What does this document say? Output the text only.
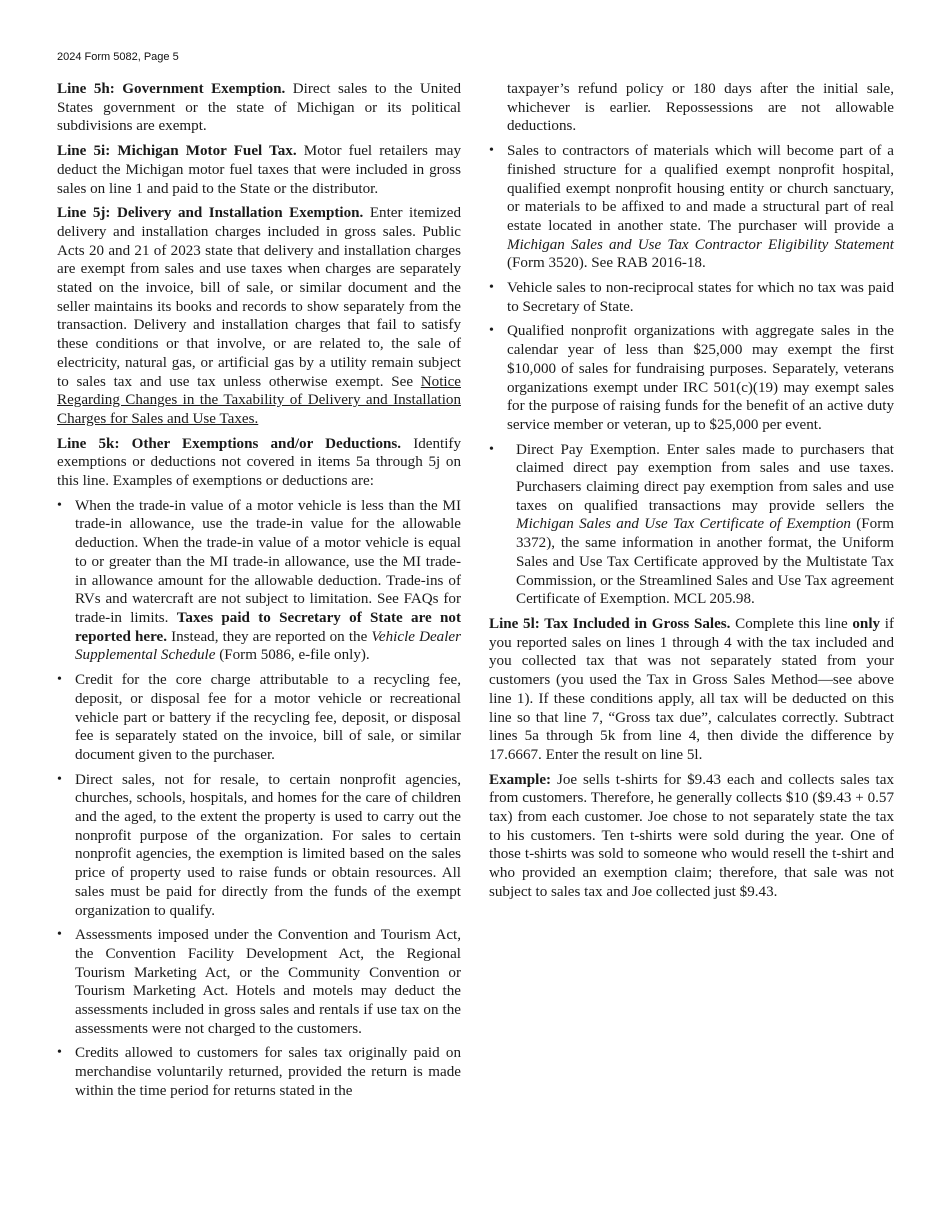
2024 Form 5082, Page 5

Line 5h: Government Exemption. Direct sales to the United States government or the state of Michigan or its political subdivisions are exempt.

Line 5i: Michigan Motor Fuel Tax. Motor fuel retailers may deduct the Michigan motor fuel taxes that were included in gross sales on line 1 and paid to the State or the distributor.

Line 5j: Delivery and Installation Exemption. Enter itemized delivery and installation charges included in gross sales. Public Acts 20 and 21 of 2023 state that delivery and installation charges are exempt from sales and use taxes when charges are separately stated on the invoice, bill of sale, or similar document and the seller maintains its books and records to show separately from the transaction. Delivery and installation charges that fail to satisfy these conditions or that involve, or are related to, the sale of electricity, natural gas, or artificial gas by a utility remain subject to sales tax and use tax unless otherwise exempt. See Notice Regarding Changes in the Taxability of Delivery and Installation Charges for Sales and Use Taxes.

Line 5k: Other Exemptions and/or Deductions. Identify exemptions or deductions not covered in items 5a through 5j on this line. Examples of exemptions or deductions are:

• When the trade-in value of a motor vehicle is less than the MI trade-in allowance, use the trade-in value for the allowable deduction. When the trade-in value of a motor vehicle is equal to or greater than the MI trade-in allowance, use the MI trade-in allowance amount for the allowable deduction. Trade-ins of RVs and watercraft are not subject to limitation. See FAQs for trade-in limits. Taxes paid to Secretary of State are not reported here. Instead, they are reported on the Vehicle Dealer Supplemental Schedule (Form 5086, e-file only).
• Credit for the core charge attributable to a recycling fee, deposit, or disposal fee for a motor vehicle or recreational vehicle part or battery if the recycling fee, deposit, or disposal fee is separately stated on the invoice, bill of sale, or similar document given to the purchaser.
• Direct sales, not for resale, to certain nonprofit agencies, churches, schools, hospitals, and homes for the care of children and the aged, to the extent the property is used to carry out the nonprofit purpose of the organization. For sales to certain nonprofit agencies, the exemption is limited based on the sales price of property used to raise funds or obtain resources. All sales must be paid for directly from the funds of the exempt organization to qualify.
• Assessments imposed under the Convention and Tourism Act, the Convention Facility Development Act, the Regional Tourism Marketing Act, or the Community Convention or Tourism Marketing Act. Hotels and motels may deduct the assessments included in gross sales and rentals if use tax on the assessments were not charged to the customers.
• Credits allowed to customers for sales tax originally paid on merchandise voluntarily returned, provided the return is made within the time period for returns stated in the
taxpayer’s refund policy or 180 days after the initial sale, whichever is earlier. Repossessions are not allowable deductions.
• Sales to contractors of materials which will become part of a finished structure for a qualified exempt nonprofit hospital, qualified exempt nonprofit housing entity or church sanctuary, or materials to be affixed to and made a structural part of real estate located in another state. The purchaser will provide a Michigan Sales and Use Tax Contractor Eligibility Statement (Form 3520). See RAB 2016-18.
• Vehicle sales to non-reciprocal states for which no tax was paid to Secretary of State.
• Qualified nonprofit organizations with aggregate sales in the calendar year of less than $25,000 may exempt the first $10,000 of sales for fundraising purposes. Separately, veterans organizations exempt under IRC 501(c)(19) may exempt sales for the purpose of raising funds for the benefit of an active duty service member or veteran, up to $25,000 per event.
• Direct Pay Exemption. Enter sales made to purchasers that claimed direct pay exemption from sales and use taxes. Purchasers claiming direct pay exemption from sales and use taxes on qualified transactions may provide sellers the Michigan Sales and Use Tax Certificate of Exemption (Form 3372), the same information in another format, the Uniform Sales and Use Tax Certificate approved by the Multistate Tax Commission, or the Streamlined Sales and Use Tax agreement Certificate of Exemption. MCL 205.98.

Line 5l: Tax Included in Gross Sales. Complete this line only if you reported sales on lines 1 through 4 with the tax included and you collected tax that was not separately stated from your customers (you used the Tax in Gross Sales Method—see above line 1). If these conditions apply, all tax will be deducted on this line so that line 7, “Gross tax due”, calculates correctly. Subtract lines 5a through 5k from line 4, then divide the difference by 17.6667. Enter the result on line 5l.

Example: Joe sells t-shirts for $9.43 each and collects sales tax from customers. Therefore, he generally collects $10 ($9.43 + 0.57 tax) from each customer. Joe chose to not separately state the tax to his customers. Ten t-shirts were sold during the year. One of those t-shirts was sold to someone who would resell the t-shirt and who provided an exemption claim; therefore, that sale was not subject to sales tax and Joe collected just $9.43.
